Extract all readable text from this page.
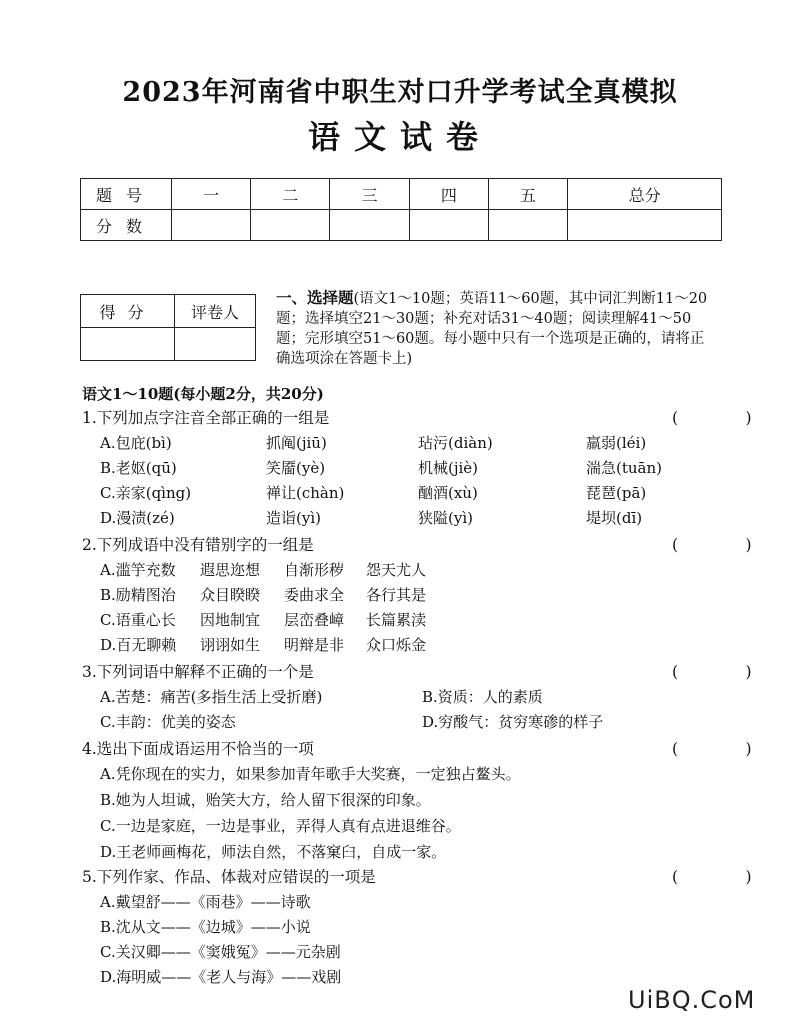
2023年河南省中职生对口升学考试全真模拟
语文试卷
题号	一	二	三	四	五	总分
分数						
得分	评卷人

一、选择题(语文1～10题；英语11～60题，其中词汇判断11～20题；选择填空21～30题；补充对话31～40题；阅读理解41～50题；完形填空51～60题。每小题中只有一个选项是正确的，请将正确选项涂在答题卡上)
语文1～10题(每小题2分，共20分)
1.下列加点字注音全部正确的一组是	(　)
A.包庇(bì)	抓阄(jiū)	玷污(diàn)	羸弱(léi)
B.老妪(qū)	笑靥(yè)	机械(jiè)	湍急(tuān)
C.亲家(qìng)	禅让(chàn)	酗酒(xù)	琵琶(pā)
D.漫渍(zé)	造诣(yì)	狭隘(yì)	堤坝(dī)
2.下列成语中没有错别字的一组是	(　)
A.滥竽充数 遐思迩想 自渐形秽 怨天尤人
B.励精图治 众目睽睽 委曲求全 各行其是
C.语重心长 因地制宜 层峦叠嶂 长篇累渎
D.百无聊赖 诩诩如生 明辩是非 众口烁金
3.下列词语中解释不正确的一个是	(　)
A.苦楚：痛苦(多指生活上受折磨)	B.资质：人的素质
C.丰韵：优美的姿态	D.穷酸气：贫穷寒碜的样子
4.选出下面成语运用不恰当的一项	(　)
A.凭你现在的实力，如果参加青年歌手大奖赛，一定独占鳌头。
B.她为人坦诚，贻笑大方，给人留下很深的印象。
C.一边是家庭，一边是事业，弄得人真有点进退维谷。
D.王老师画梅花，师法自然，不落窠臼，自成一家。
5.下列作家、作品、体裁对应错误的一项是	(　)
A.戴望舒——《雨巷》——诗歌
B.沈从文——《边城》——小说
C.关汉卿——《窦娥冤》——元杂剧
D.海明威——《老人与海》——戏剧
UiBQ.CoM
